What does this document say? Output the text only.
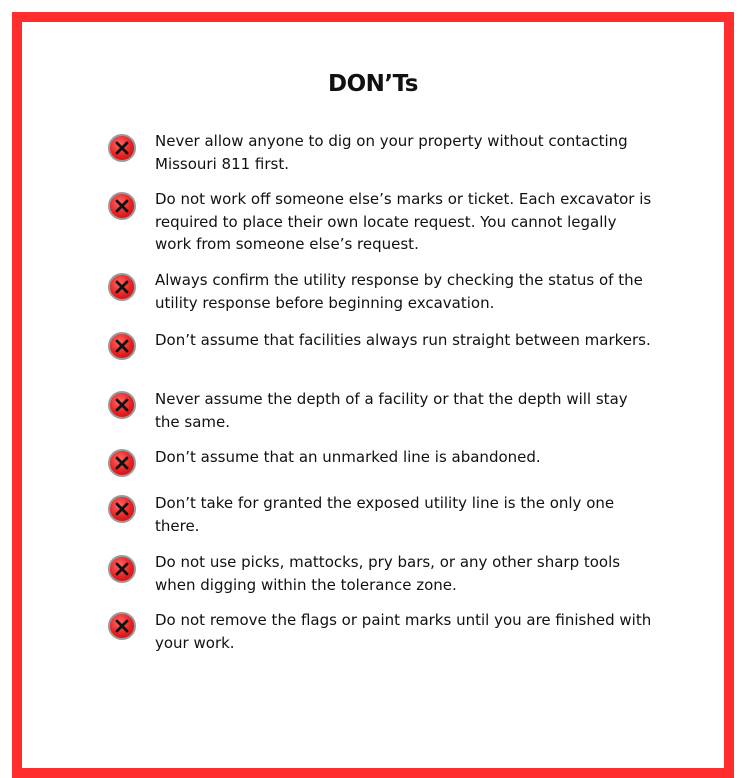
DON’Ts
Never allow anyone to dig on your property without contacting Missouri 811 first.
Do not work off someone else’s marks or ticket. Each excavator is required to place their own locate request. You cannot legally work from someone else’s request.
Always confirm the utility response by checking the status of the utility response before beginning excavation.
Don’t assume that facilities always run straight between markers.
Never assume the depth of a facility or that the depth will stay the same.
Don’t assume that an unmarked line is abandoned.
Don’t take for granted the exposed utility line is the only one there.
Do not use picks, mattocks, pry bars, or any other sharp tools when digging within the tolerance zone.
Do not remove the flags or paint marks until you are finished with your work.
